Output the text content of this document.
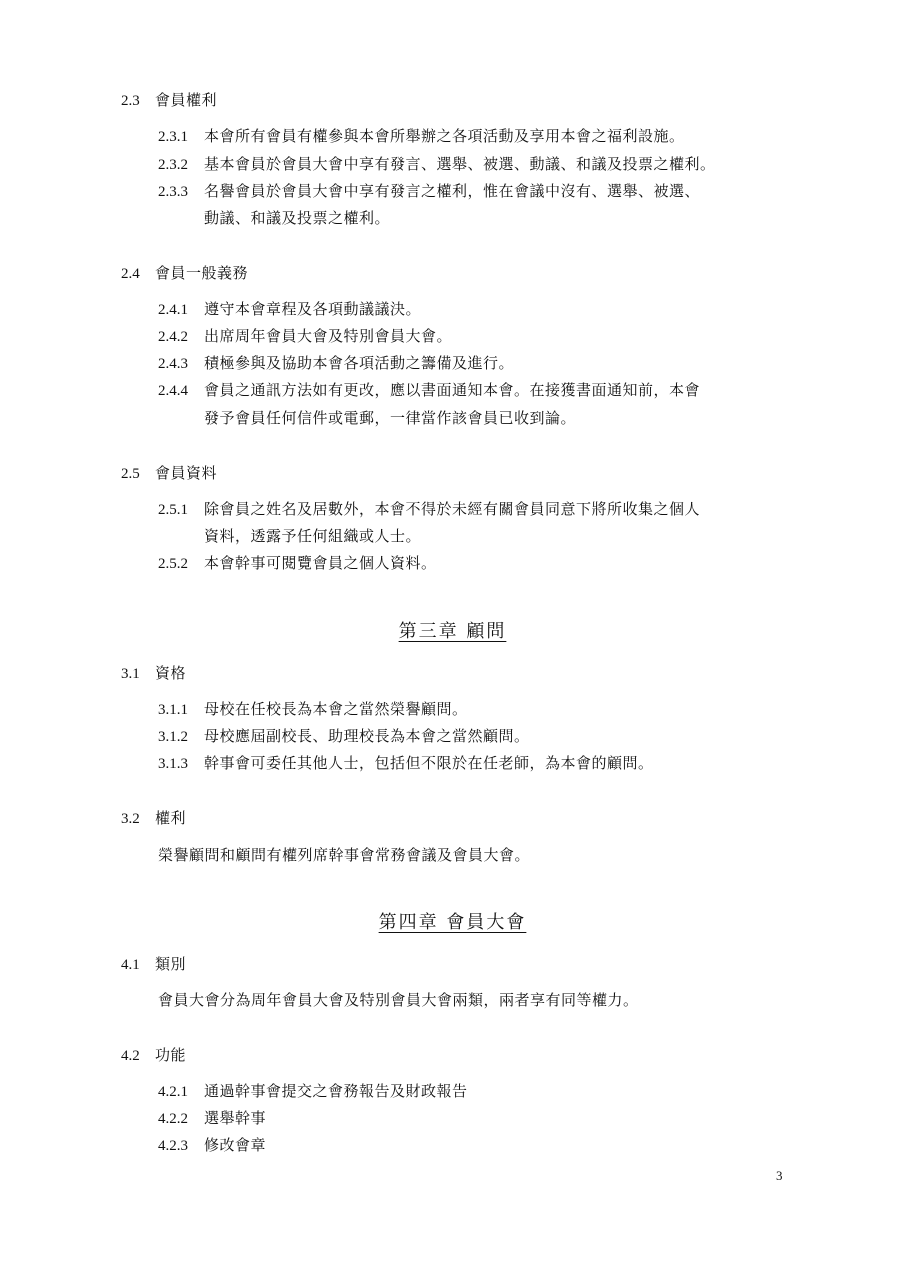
2.3 會員權利
2.3.1 本會所有會員有權參與本會所舉辦之各項活動及享用本會之福利設施。
2.3.2 基本會員於會員大會中享有發言、選舉、被選、動議、和議及投票之權利。
2.3.3 名譽會員於會員大會中享有發言之權利，惟在會議中沒有、選舉、被選、
動議、和議及投票之權利。
2.4 會員一般義務
2.4.1 遵守本會章程及各項動議議決。
2.4.2 出席周年會員大會及特別會員大會。
2.4.3 積極參與及協助本會各項活動之籌備及進行。
2.4.4 會員之通訊方法如有更改，應以書面通知本會。在接獲書面通知前，本會
發予會員任何信件或電郵，一律當作該會員已收到論。
2.5 會員資料
2.5.1 除會員之姓名及居數外，本會不得於未經有關會員同意下將所收集之個人
資料，透露予任何組織或人士。
2.5.2 本會幹事可閱覽會員之個人資料。
第三章 顧問
3.1 資格
3.1.1 母校在任校長為本會之當然榮譽顧問。
3.1.2 母校應屆副校長、助理校長為本會之當然顧問。
3.1.3 幹事會可委任其他人士，包括但不限於在任老師，為本會的顧問。
3.2 權利
榮譽顧問和顧問有權列席幹事會常務會議及會員大會。
第四章 會員大會
4.1 類別
會員大會分為周年會員大會及特別會員大會兩類，兩者享有同等權力。
4.2 功能
4.2.1 通過幹事會提交之會務報告及財政報告
4.2.2 選舉幹事
4.2.3 修改會章
3
